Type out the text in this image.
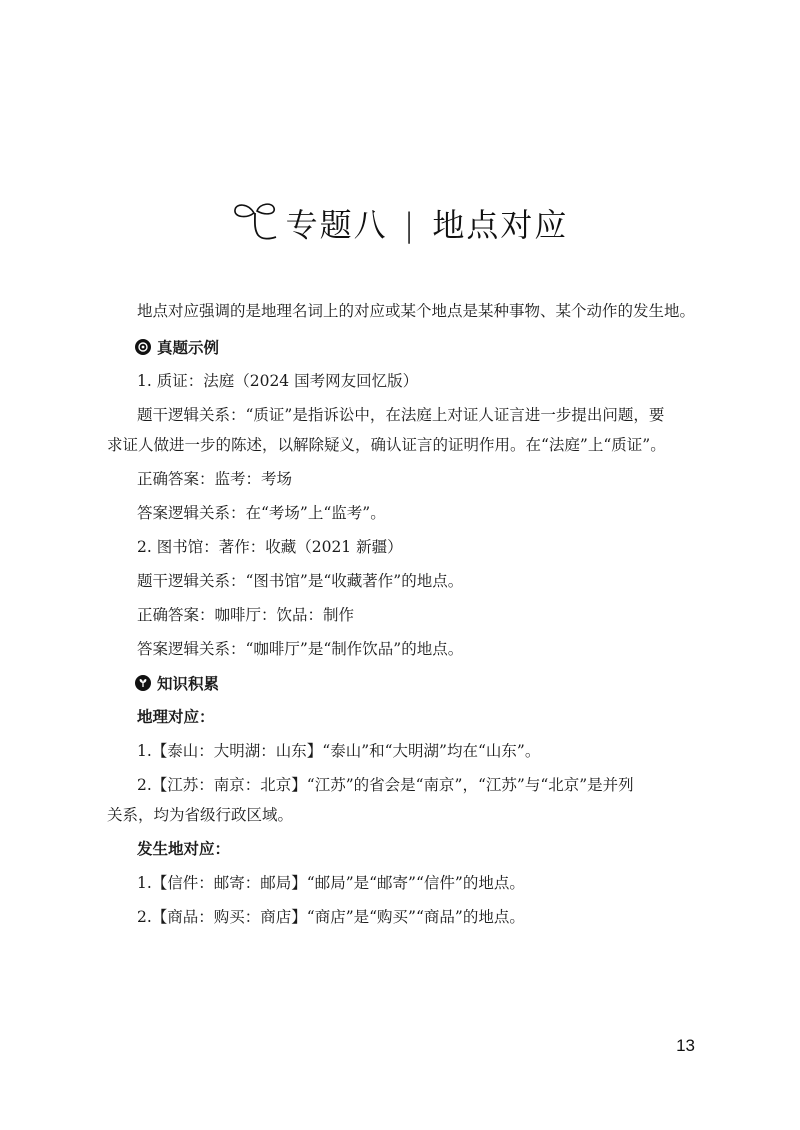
专题八 | 地点对应

地点对应强调的是地理名词上的对应或某个地点是某种事物、某个动作的发生地。

真题示例

1. 质证：法庭（2024 国考网友回忆版）

题干逻辑关系：“质证”是指诉讼中，在法庭上对证人证言进一步提出问题，要

求证人做进一步的陈述，以解除疑义，确认证言的证明作用。在“法庭”上“质证”。

正确答案：监考：考场

答案逻辑关系：在“考场”上“监考”。

2. 图书馆：著作：收藏（2021 新疆）

题干逻辑关系：“图书馆”是“收藏著作”的地点。

正确答案：咖啡厅：饮品：制作

答案逻辑关系：“咖啡厅”是“制作饮品”的地点。

知识积累

地理对应：

1.【泰山：大明湖：山东】“泰山”和“大明湖”均在“山东”。

2.【江苏：南京：北京】“江苏”的省会是“南京”，“江苏”与“北京”是并列

关系，均为省级行政区域。

发生地对应：

1.【信件：邮寄：邮局】“邮局”是“邮寄”“信件”的地点。

2.【商品：购买：商店】“商店”是“购买”“商品”的地点。

13
